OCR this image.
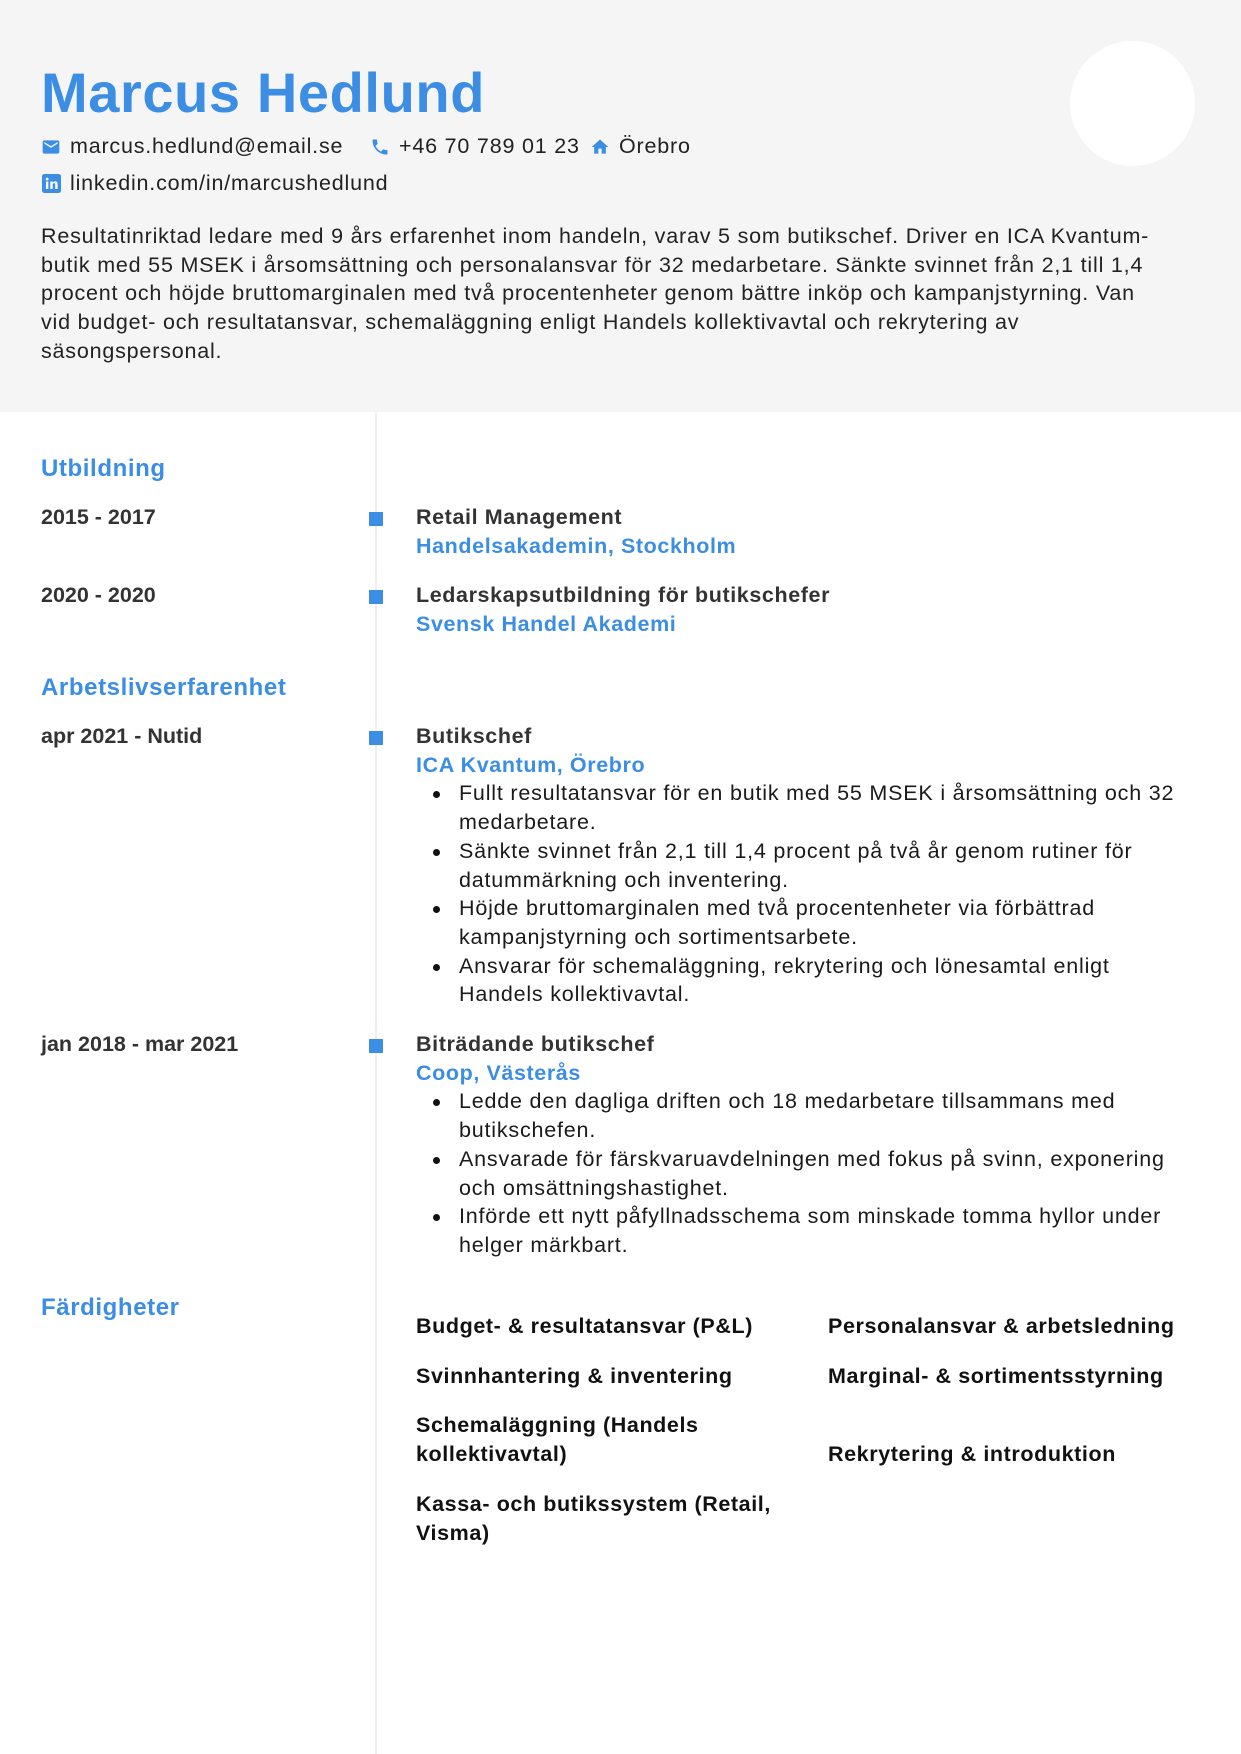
Marcus Hedlund
marcus.hedlund@email.se	+46 70 789 01 23 Örebro
linkedin.com/in/marcushedlund

Resultatinriktad ledare med 9 års erfarenhet inom handeln, varav 5 som butikschef. Driver en ICA Kvantum-butik med 55 MSEK i årsomsättning och personalansvar för 32 medarbetare. Sänkte svinnet från 2,1 till 1,4 procent och höjde bruttomarginalen med två procentenheter genom bättre inköp och kampanjstyrning. Van vid budget- och resultatansvar, schemaläggning enligt Handels kollektivavtal och rekrytering av säsongspersonal.

Utbildning
2015 - 2017	Retail Management
Handelsakademin, Stockholm
2020 - 2020	Ledarskapsutbildning för butikschefer
Svensk Handel Akademi
Arbetslivserfarenhet
apr 2021 - Nutid	Butikschef
ICA Kvantum, Örebro
Fullt resultatansvar för en butik med 55 MSEK i årsomsättning och 32 medarbetare.
Sänkte svinnet från 2,1 till 1,4 procent på två år genom rutiner för datummärkning och inventering.
Höjde bruttomarginalen med två procentenheter via förbättrad kampanjstyrning och sortimentsarbete.
Ansvarar för schemaläggning, rekrytering och lönesamtal enligt Handels kollektivavtal.
jan 2018 - mar 2021	Biträdande butikschef
Coop, Västerås
Ledde den dagliga driften och 18 medarbetare tillsammans med butikschefen.
Ansvarade för färskvaruavdelningen med fokus på svinn, exponering och omsättningshastighet.
Införde ett nytt påfyllnadsschema som minskade tomma hyllor under helger märkbart.
Färdigheter
Budget- & resultatansvar (P&L)	Personalansvar & arbetsledning
Svinnhantering & inventering	Marginal- & sortimentsstyrning
Schemaläggning (Handels kollektivavtal)	Rekrytering & introduktion
Kassa- och butikssystem (Retail, Visma)
